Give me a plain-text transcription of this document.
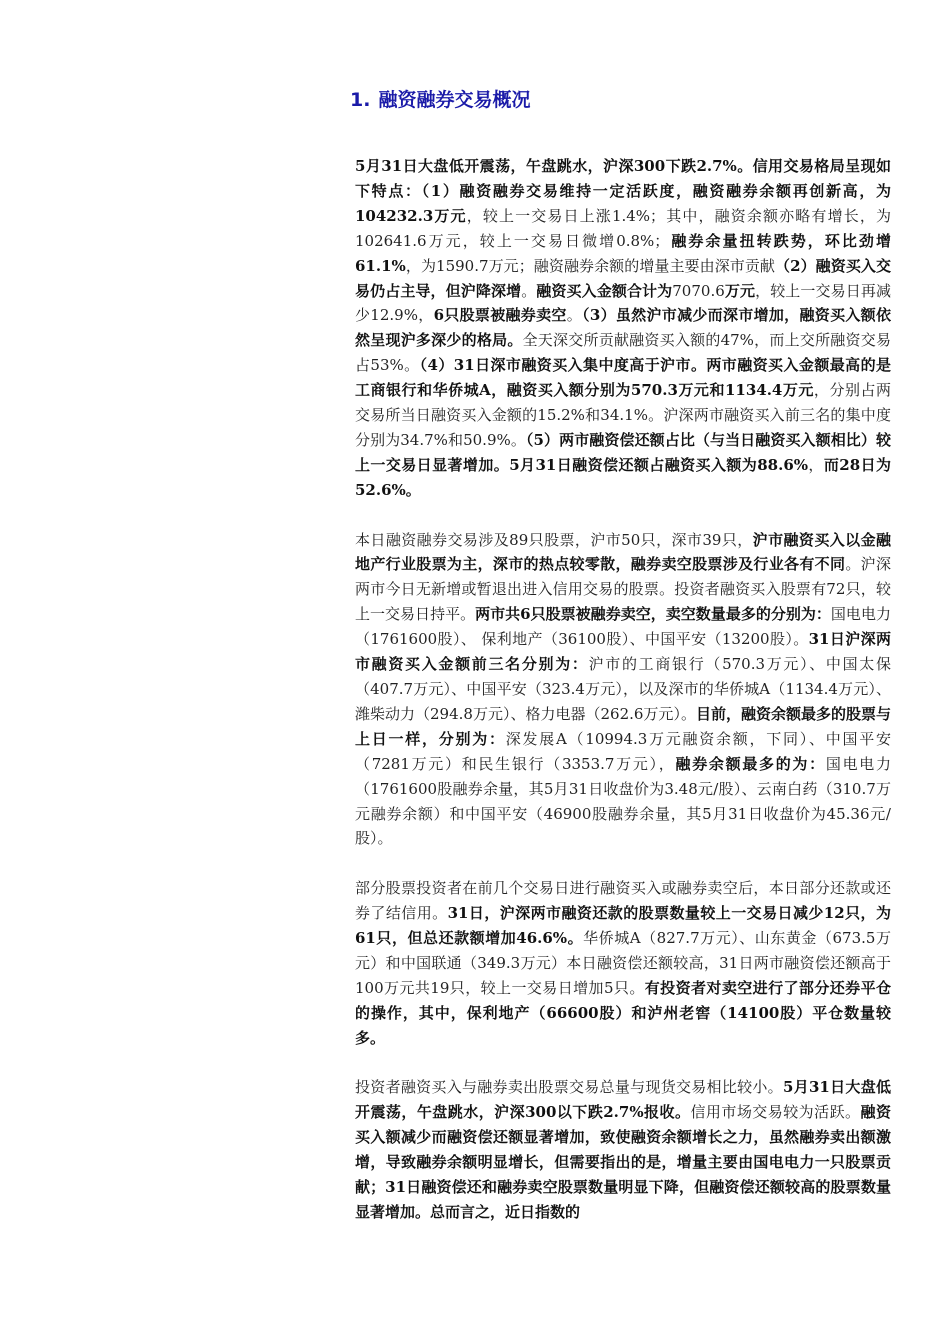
1. 融资融券交易概况

5月31日大盘低开震荡，午盘跳水，沪深300下跌2.7%。信用交易格局呈现如下特点：（1）融资融券交易维持一定活跃度，融资融券余额再创新高，为104232.3万元，较上一交易日上涨1.4%；其中，融资余额亦略有增长，为102641.6万元，较上一交易日微增0.8%；融券余量扭转跌势，环比劲增61.1%，为1590.7万元；融资融券余额的增量主要由深市贡献（2）融资买入交易仍占主导，但沪降深增。融资买入金额合计为7070.6万元，较上一交易日再减少12.9%，6只股票被融券卖空。（3）虽然沪市减少而深市增加，融资买入额依然呈现沪多深少的格局。全天深交所贡献融资买入额的47%，而上交所融资交易占53%。（4）31日深市融资买入集中度高于沪市。两市融资买入金额最高的是工商银行和华侨城A，融资买入额分别为570.3万元和1134.4万元，分别占两交易所当日融资买入金额的15.2%和34.1%。沪深两市融资买入前三名的集中度分别为34.7%和50.9%。（5）两市融资偿还额占比（与当日融资买入额相比）较上一交易日显著增加。5月31日融资偿还额占融资买入额为88.6%，而28日为52.6%。

本日融资融券交易涉及89只股票，沪市50只，深市39只，沪市融资买入以金融地产行业股票为主，深市的热点较零散，融券卖空股票涉及行业各有不同。沪深两市今日无新增或暂退出进入信用交易的股票。投资者融资买入股票有72只，较上一交易日持平。两市共6只股票被融券卖空，卖空数量最多的分别为：国电电力（1761600股）、 保利地产（36100股）、中国平安（13200股）。31日沪深两市融资买入金额前三名分别为：沪市的工商银行（570.3万元）、中国太保（407.7万元）、中国平安（323.4万元），以及深市的华侨城A（1134.4万元）、潍柴动力（294.8万元）、格力电器（262.6万元）。目前，融资余额最多的股票与上日一样，分别为：深发展A（10994.3万元融资余额，下同）、中国平安（7281万元）和民生银行（3353.7万元），融券余额最多的为：国电电力（1761600股融券余量，其5月31日收盘价为3.48元/股）、云南白药（310.7万元融券余额）和中国平安（46900股融券余量，其5月31日收盘价为45.36元/股）。

部分股票投资者在前几个交易日进行融资买入或融券卖空后，本日部分还款或还券了结信用。31日，沪深两市融资还款的股票数量较上一交易日减少12只，为61只，但总还款额增加46.6%。华侨城A（827.7万元）、山东黄金（673.5万元）和中国联通（349.3万元）本日融资偿还额较高，31日两市融资偿还额高于100万元共19只，较上一交易日增加5只。有投资者对卖空进行了部分还券平仓的操作，其中，保利地产（66600股）和泸州老窖（14100股）平仓数量较多。

投资者融资买入与融券卖出股票交易总量与现货交易相比较小。5月31日大盘低开震荡，午盘跳水，沪深300以下跌2.7%报收。信用市场交易较为活跃。融资买入额减少而融资偿还额显著增加，致使融资余额增长之力，虽然融券卖出额激增，导致融券余额明显增长，但需要指出的是，增量主要由国电电力一只股票贡献；31日融资偿还和融券卖空股票数量明显下降，但融资偿还额较高的股票数量显著增加。总而言之，近日指数的
